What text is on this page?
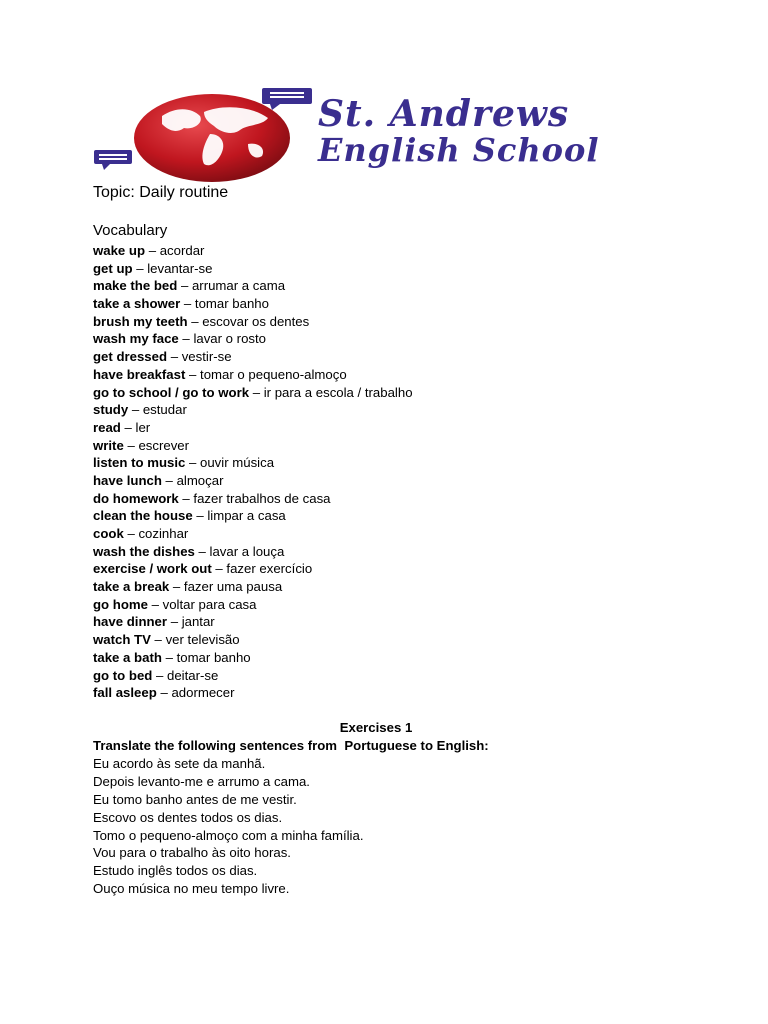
St. Andrews
English School
Topic: Daily routine
Vocabulary
wake up – acordar
get up – levantar-se
make the bed – arrumar a cama
take a shower – tomar banho
brush my teeth – escovar os dentes
wash my face – lavar o rosto
get dressed – vestir-se
have breakfast – tomar o pequeno-almoço
go to school / go to work – ir para a escola / trabalho
study – estudar
read – ler
write – escrever
listen to music – ouvir música
have lunch – almoçar
do homework – fazer trabalhos de casa
clean the house – limpar a casa
cook – cozinhar
wash the dishes – lavar a louça
exercise / work out – fazer exercício
take a break – fazer uma pausa
go home – voltar para casa
have dinner – jantar
watch TV – ver televisão
take a bath – tomar banho
go to bed – deitar-se
fall asleep – adormecer
Exercises 1
Translate the following sentences from  Portuguese to English:
Eu acordo às sete da manhã.
Depois levanto-me e arrumo a cama.
Eu tomo banho antes de me vestir.
Escovo os dentes todos os dias.
Tomo o pequeno-almoço com a minha família.
Vou para o trabalho às oito horas.
Estudo inglês todos os dias.
Ouço música no meu tempo livre.
